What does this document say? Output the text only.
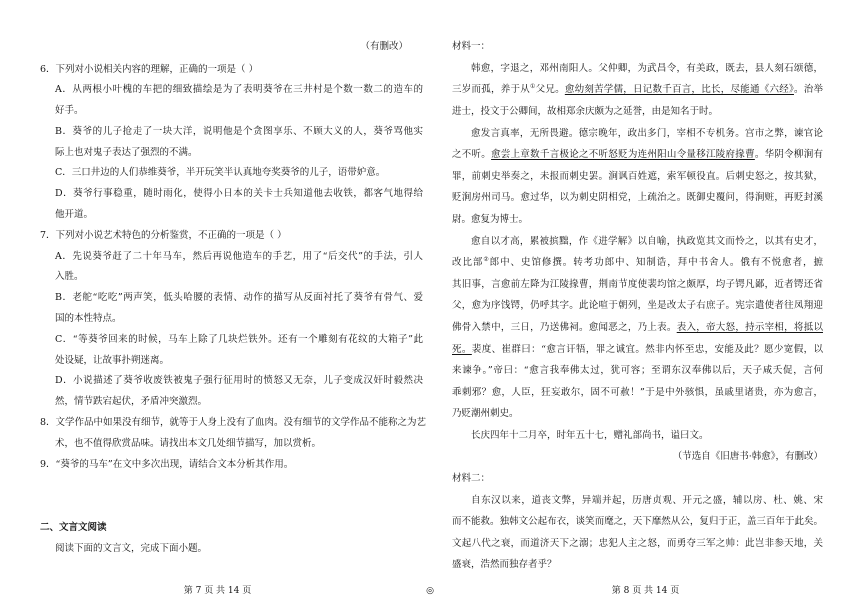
（有删改）
6．下列对小说相关内容的理解，正确的一项是（ ）
A．从两根小叶槐的车把的细致描绘是为了表明葵爷在三井村是个数一数二的造车的
好手。
B．葵爷的儿子抢走了一块大洋，说明他是个贪图享乐、不顾大义的人，葵爷骂他实
际上也对鬼子表达了强烈的不满。
C．三口井边的人们恭维葵爷，半开玩笑半认真地夸奖葵爷的儿子，语带妒意。
D．葵爷行事稳重，随时雨化，使得小日本的关卡士兵知道他去收铁，都客气地得给
他开道。
7．下列对小说艺术特色的分析鉴赏，不正确的一项是（ ）
A．先说葵爷赶了二十年马车，然后再说他造车的手艺，用了“后交代”的手法，引人
入胜。
B．老舵“吃吃”两声笑，低头哈腰的表情、动作的描写从反面衬托了葵爷有骨气、爱
国的本性特点。
C．“等葵爷回来的时候，马车上除了几块烂铁外。还有一个雕刻有花纹的大箱子”此
处设疑，让故事扑朔迷离。
D．小说描述了葵爷收废铁被鬼子强行征用时的愤怒又无奈，儿子变成汉奸时毅然决
然，情节跌宕起伏，矛盾冲突激烈。
8．文学作品中如果没有细节，就等于人身上没有了血肉。没有细节的文学作品不能称之为艺
术，也不值得欣赏品味。请找出本文几处细节描写，加以赏析。
9．“葵爷的马车”在文中多次出现，请结合文本分析其作用。
二、文言文阅读
阅读下面的文言文，完成下面小题。
材料一：
韩愈，字退之，邓州南阳人。父仲卿，为武昌令，有美政，既去，县人刻石颂德，
三岁而孤，养于从①父兄。愈幼刻苦学儒，日记数千百言，比长，尽能通《六经》。治举
进士，投文于公卿间，故相郑余庆颇为之延誉，由是知名于时。
愈发言真率，无所畏避。德宗晚年，政出多门，宰相不专机务。宫市之弊，谏官论
之不听。愈尝上章数千言极论之不听怒贬为连州阳山令量移江陵府掾曹。华阴令柳涧有
罪，前刺史举奏之，未报而刺史罢。涧讽百姓遮，索军顿役直。后刺史怒之，按其狱，
贬涧房州司马。愈过华，以为刺史阴相党，上疏治之。既御史覆问，得涧赃，再贬封溪
尉。愈复为博士。
愈自以才高，累被摈黜，作《进学解》以自喻，执政览其文而怜之，以其有史才，
改比部②郎中、史馆修撰。转考功郎中、知制诰，拜中书舍人。俄有不悦愈者，摭
其旧事，言愈前左降为江陵掾曹，荆南节度使裴均馆之颇厚，均子锷凡鄙，近者锷还省
父，愈为序饯锷，仍呼其字。此论喧于朝列，坐是改太子右庶子。宪宗遣使者往凤翔迎
佛骨入禁中，三日，乃送佛祠。愈闻恶之，乃上表。表入，帝大怒，持示宰相，将抵以
死。裴度、崔群曰：“愈言讦牾，罪之诚宜。然非内怀至忠，安能及此？愿少宽假，以
来谏争。”帝曰：“愈言我奉佛太过，犹可容；至谓东汉奉佛以后，天子咸夭促，言何
乖刺邪？愈，人臣，狂妄敢尔，固不可赦！”于是中外骇惧，虽戚里诸贵，亦为愈言，
乃贬潮州刺史。
长庆四年十二月卒，时年五十七，赠礼部尚书，谥曰文。
（节选自《旧唐书·韩愈》，有删改）
材料二：
自东汉以来，道丧文弊，异端并起，历唐贞观、开元之盛，辅以房、杜、姚、宋
而不能救。独韩文公起布衣，谈笑而麾之，天下靡然从公，复归于正，盖三百年于此矣。
文起八代之衰，而道济天下之溺；忠犯人主之怒，而勇夺三军之帅：此岂非参天地，关
盛衰，浩然而独存者乎？
第 7 页 共 14 页	◎	第 8 页 共 14 页
